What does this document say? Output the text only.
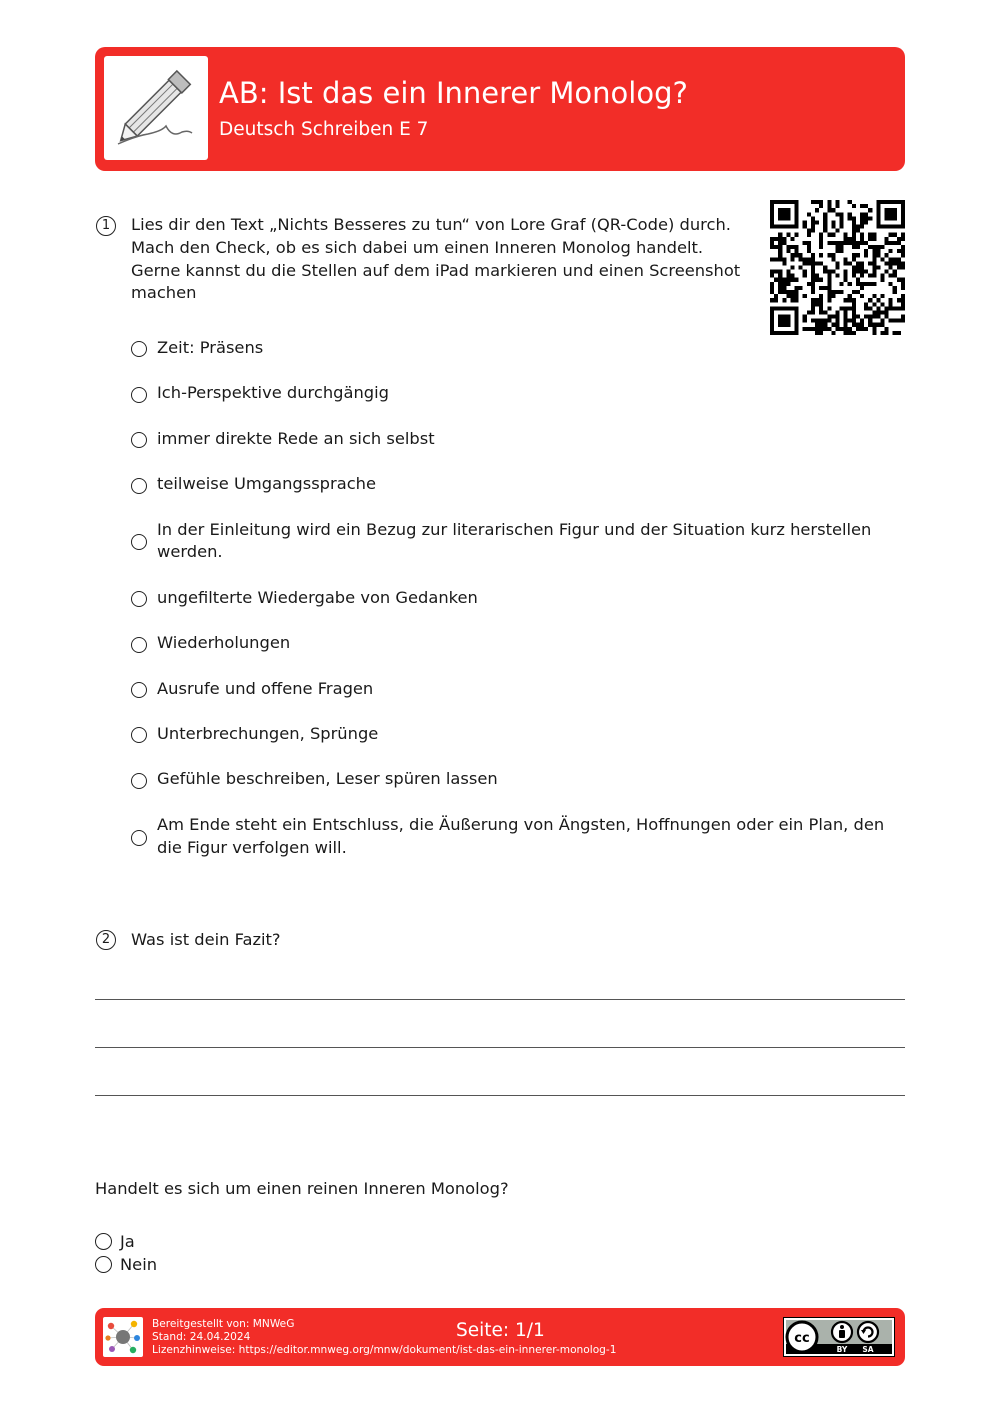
AB: Ist das ein Innerer Monolog?
Deutsch Schreiben E 7
1	Lies dir den Text „Nichts Besseres zu tun“ von Lore Graf (QR-Code) durch.
Mach den Check, ob es sich dabei um einen Inneren Monolog handelt.
Gerne kannst du die Stellen auf dem iPad markieren und einen Screenshot
machen
Zeit: Präsens
Ich-Perspektive durchgängig
immer direkte Rede an sich selbst
teilweise Umgangssprache
In der Einleitung wird ein Bezug zur literarischen Figur und der Situation kurz herstellen werden.
ungefilterte Wiedergabe von Gedanken
Wiederholungen
Ausrufe und offene Fragen
Unterbrechungen, Sprünge
Gefühle beschreiben, Leser spüren lassen
Am Ende steht ein Entschluss, die Äußerung von Ängsten, Hoffnungen oder ein Plan, den die Figur verfolgen will.
2	Was ist dein Fazit?
Handelt es sich um einen reinen Inneren Monolog?
Ja
Nein
Bereitgestellt von: MNWeG
Stand: 24.04.2024
Lizenzhinweise: https://editor.mnweg.org/mnw/dokument/ist-das-ein-innerer-monolog-1
Seite: 1/1	cc
BY SA
